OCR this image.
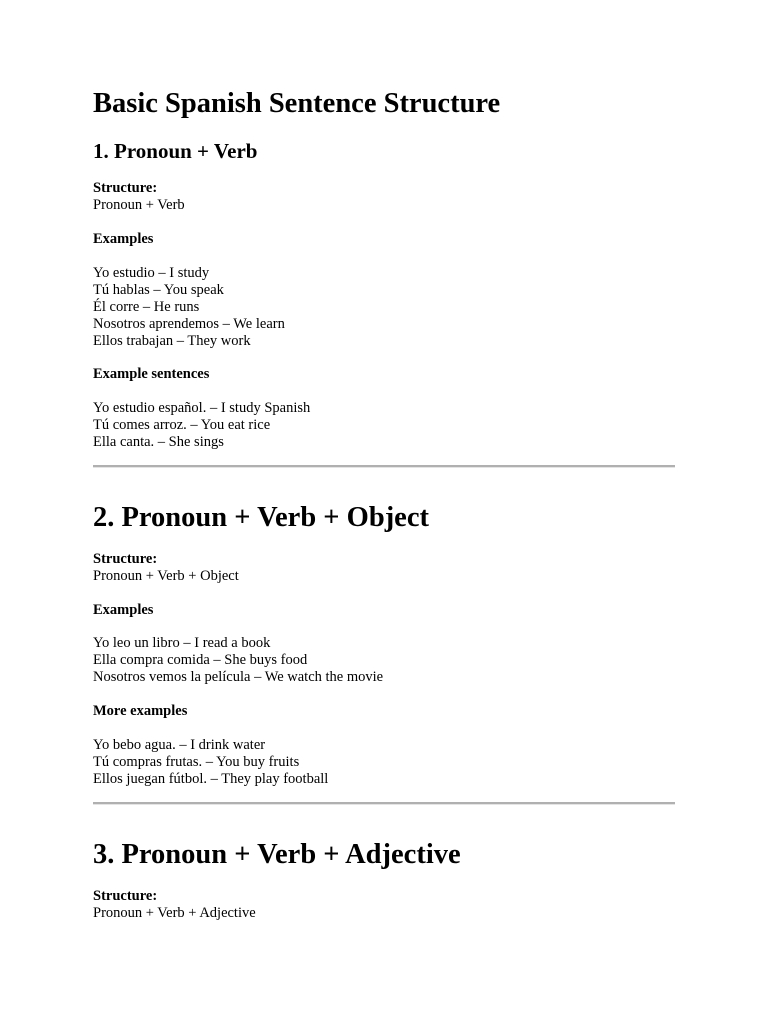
Basic Spanish Sentence Structure
1. Pronoun + Verb
Structure:
Pronoun + Verb
Examples
Yo estudio – I study
Tú hablas – You speak
Él corre – He runs
Nosotros aprendemos – We learn
Ellos trabajan – They work
Example sentences
Yo estudio español. – I study Spanish
Tú comes arroz. – You eat rice
Ella canta. – She sings
2. Pronoun + Verb + Object
Structure:
Pronoun + Verb + Object
Examples
Yo leo un libro – I read a book
Ella compra comida – She buys food
Nosotros vemos la película – We watch the movie
More examples
Yo bebo agua. – I drink water
Tú compras frutas. – You buy fruits
Ellos juegan fútbol. – They play football
3. Pronoun + Verb + Adjective
Structure:
Pronoun + Verb + Adjective
